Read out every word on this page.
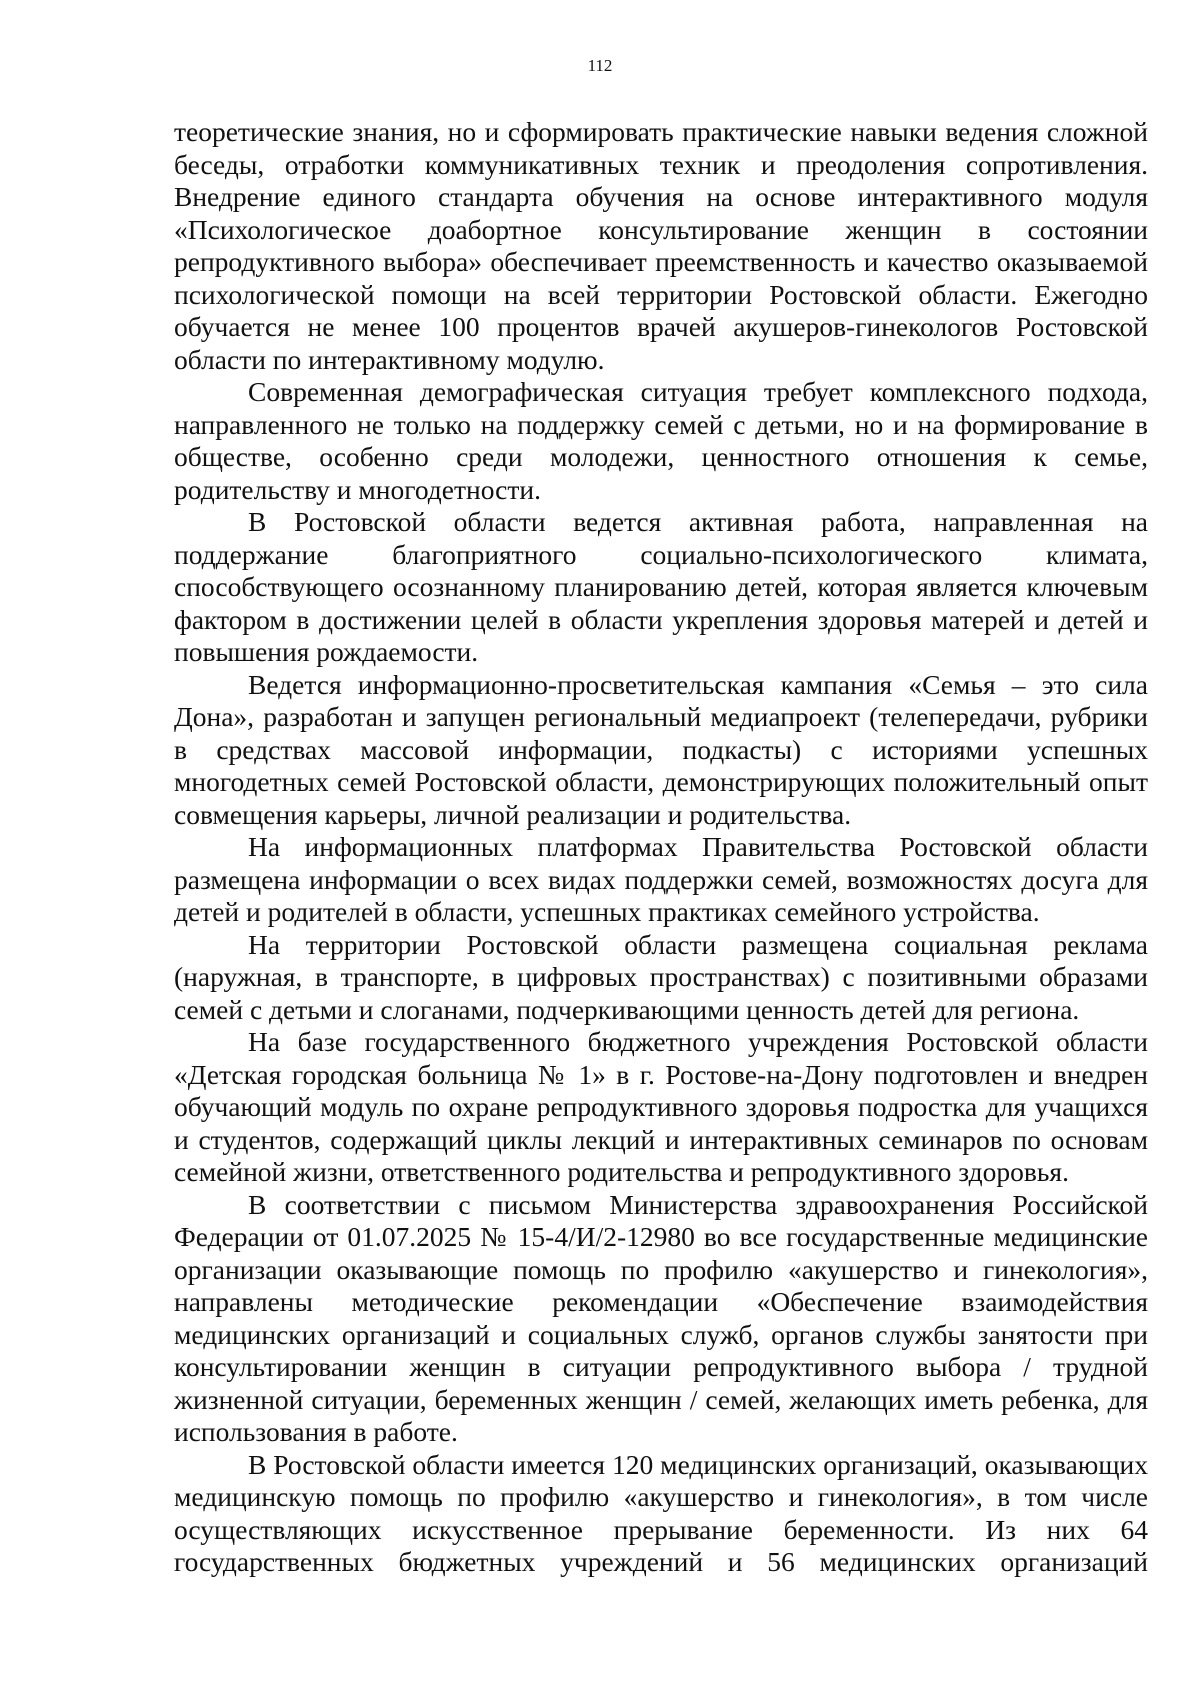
112

теоретические знания, но и сформировать практические навыки ведения сложной беседы, отработки коммуникативных техник и преодоления сопротивления. Внедрение единого стандарта обучения на основе интерактивного модуля «Психологическое доабортное консультирование женщин в состоянии репродуктивного выбора» обеспечивает преемственность и качество оказываемой психологической помощи на всей территории Ростовской области. Ежегодно обучается не менее 100 процентов врачей акушеров-гинекологов Ростовской области по интерактивному модулю.

Современная демографическая ситуация требует комплексного подхода, направленного не только на поддержку семей с детьми, но и на формирование в обществе, особенно среди молодежи, ценностного отношения к семье, родительству и многодетности.

В Ростовской области ведется активная работа, направленная на поддержание благоприятного социально-психологического климата, способствующего осознанному планированию детей, которая является ключевым фактором в достижении целей в области укрепления здоровья матерей и детей и повышения рождаемости.

Ведется информационно-просветительская кампания «Семья – это сила Дона», разработан и запущен региональный медиапроект (телепередачи, рубрики в средствах массовой информации, подкасты) с историями успешных многодетных семей Ростовской области, демонстрирующих положительный опыт совмещения карьеры, личной реализации и родительства.

На информационных платформах Правительства Ростовской области размещена информации о всех видах поддержки семей, возможностях досуга для детей и родителей в области, успешных практиках семейного устройства.

На территории Ростовской области размещена социальная реклама (наружная, в транспорте, в цифровых пространствах) с позитивными образами семей с детьми и слоганами, подчеркивающими ценность детей для региона.

На базе государственного бюджетного учреждения Ростовской области «Детская городская больница № 1» в г. Ростове-на-Дону подготовлен и внедрен обучающий модуль по охране репродуктивного здоровья подростка для учащихся и студентов, содержащий циклы лекций и интерактивных семинаров по основам семейной жизни, ответственного родительства и репродуктивного здоровья.

В соответствии с письмом Министерства здравоохранения Российской Федерации от 01.07.2025 № 15-4/И/2-12980 во все государственные медицинские организации оказывающие помощь по профилю «акушерство и гинекология», направлены методические рекомендации «Обеспечение взаимодействия медицинских организаций и социальных служб, органов службы занятости при консультировании женщин в ситуации репродуктивного выбора / трудной жизненной ситуации, беременных женщин / семей, желающих иметь ребенка, для использования в работе.

В Ростовской области имеется 120 медицинских организаций, оказывающих медицинскую помощь по профилю «акушерство и гинекология», в том числе осуществляющих искусственное прерывание беременности. Из них 64 государственных бюджетных учреждений и 56 медицинских организаций
